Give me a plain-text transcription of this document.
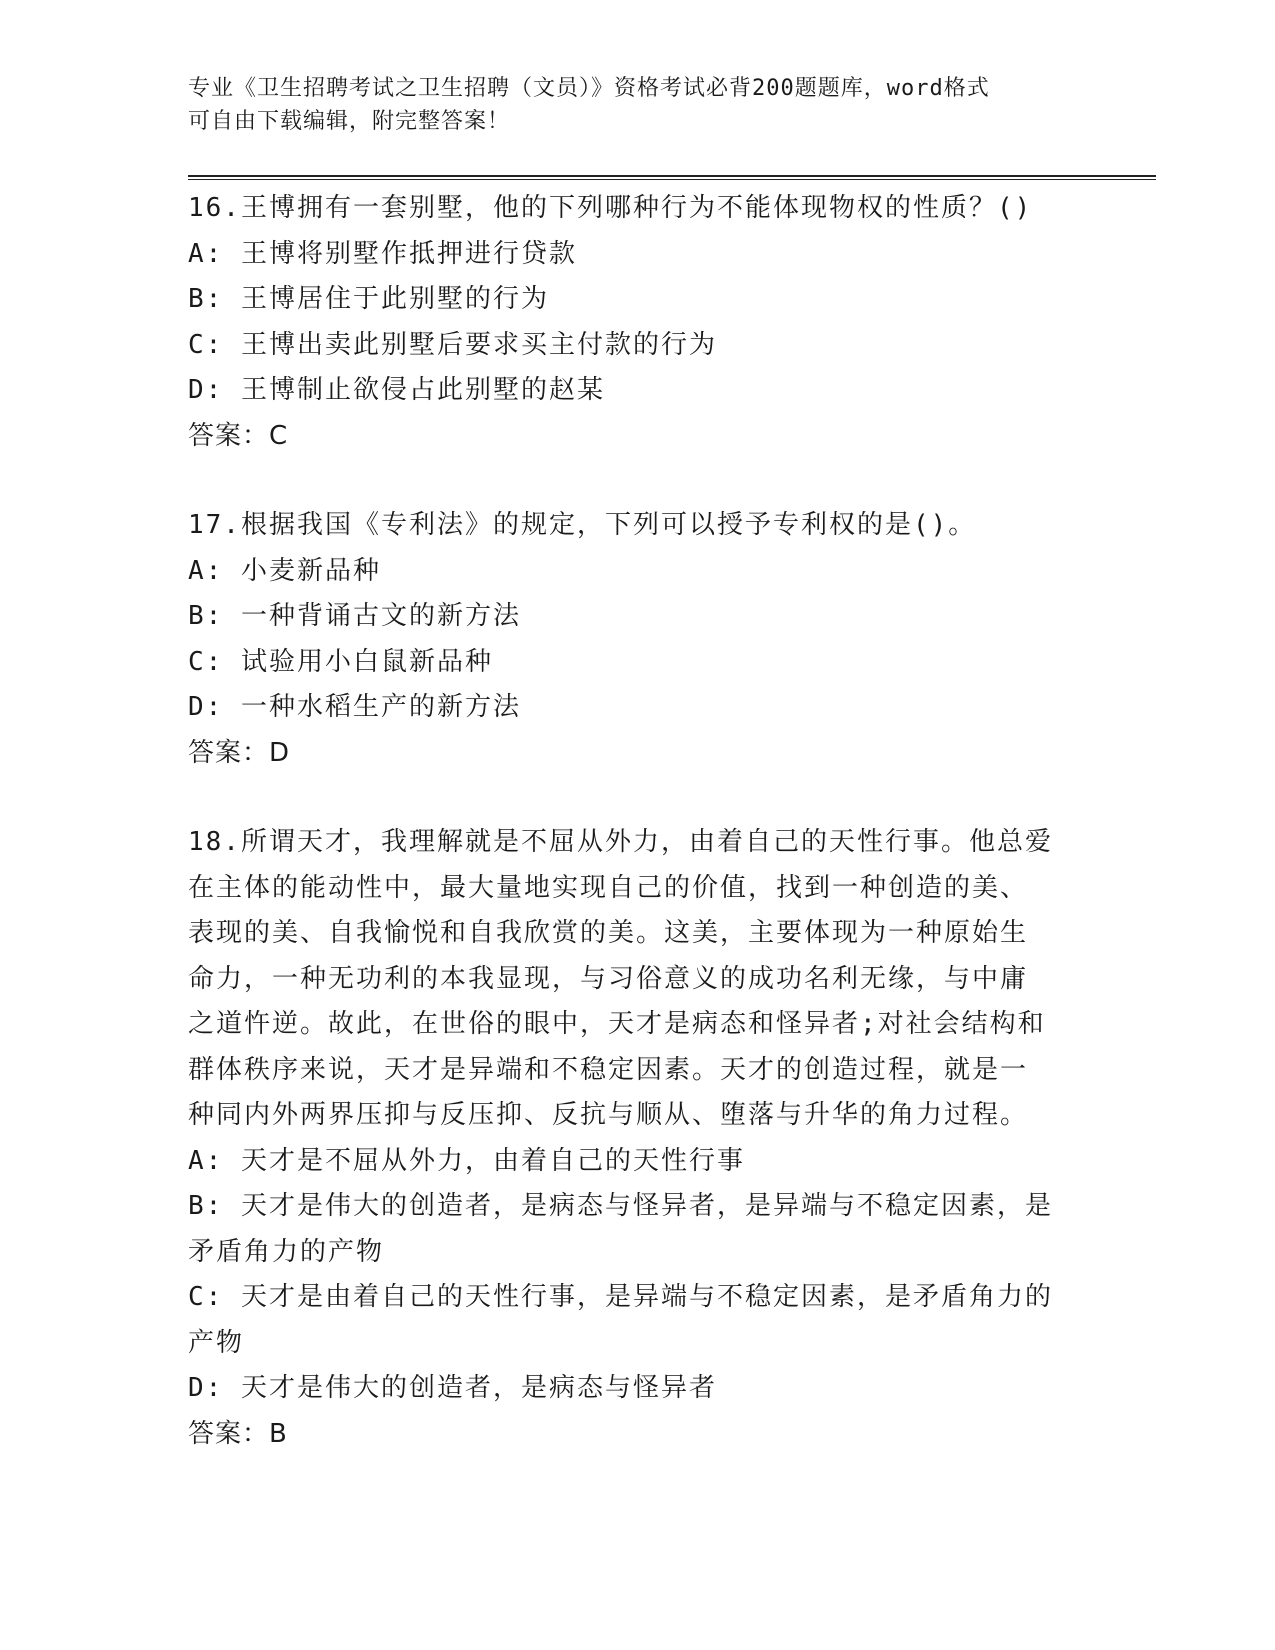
专业《卫生招聘考试之卫生招聘（文员）》资格考试必背200题题库，word格式
可自由下载编辑，附完整答案！

16.王博拥有一套别墅，他的下列哪种行为不能体现物权的性质？()

A: 王博将别墅作抵押进行贷款

B: 王博居住于此别墅的行为

C: 王博出卖此别墅后要求买主付款的行为

D: 王博制止欲侵占此别墅的赵某

答案：C

17.根据我国《专利法》的规定，下列可以授予专利权的是()。

A: 小麦新品种

B: 一种背诵古文的新方法

C: 试验用小白鼠新品种

D: 一种水稻生产的新方法

答案：D

18.所谓天才，我理解就是不屈从外力，由着自己的天性行事。他总爱

在主体的能动性中，最大量地实现自己的价值，找到一种创造的美、

表现的美、自我愉悦和自我欣赏的美。这美，主要体现为一种原始生

命力，一种无功利的本我显现，与习俗意义的成功名利无缘，与中庸

之道忤逆。故此，在世俗的眼中，天才是病态和怪异者;对社会结构和

群体秩序来说，天才是异端和不稳定因素。天才的创造过程，就是一

种同内外两界压抑与反压抑、反抗与顺从、堕落与升华的角力过程。

A: 天才是不屈从外力，由着自己的天性行事

B: 天才是伟大的创造者，是病态与怪异者，是异端与不稳定因素，是

矛盾角力的产物

C: 天才是由着自己的天性行事，是异端与不稳定因素，是矛盾角力的

产物

D: 天才是伟大的创造者，是病态与怪异者

答案：B
